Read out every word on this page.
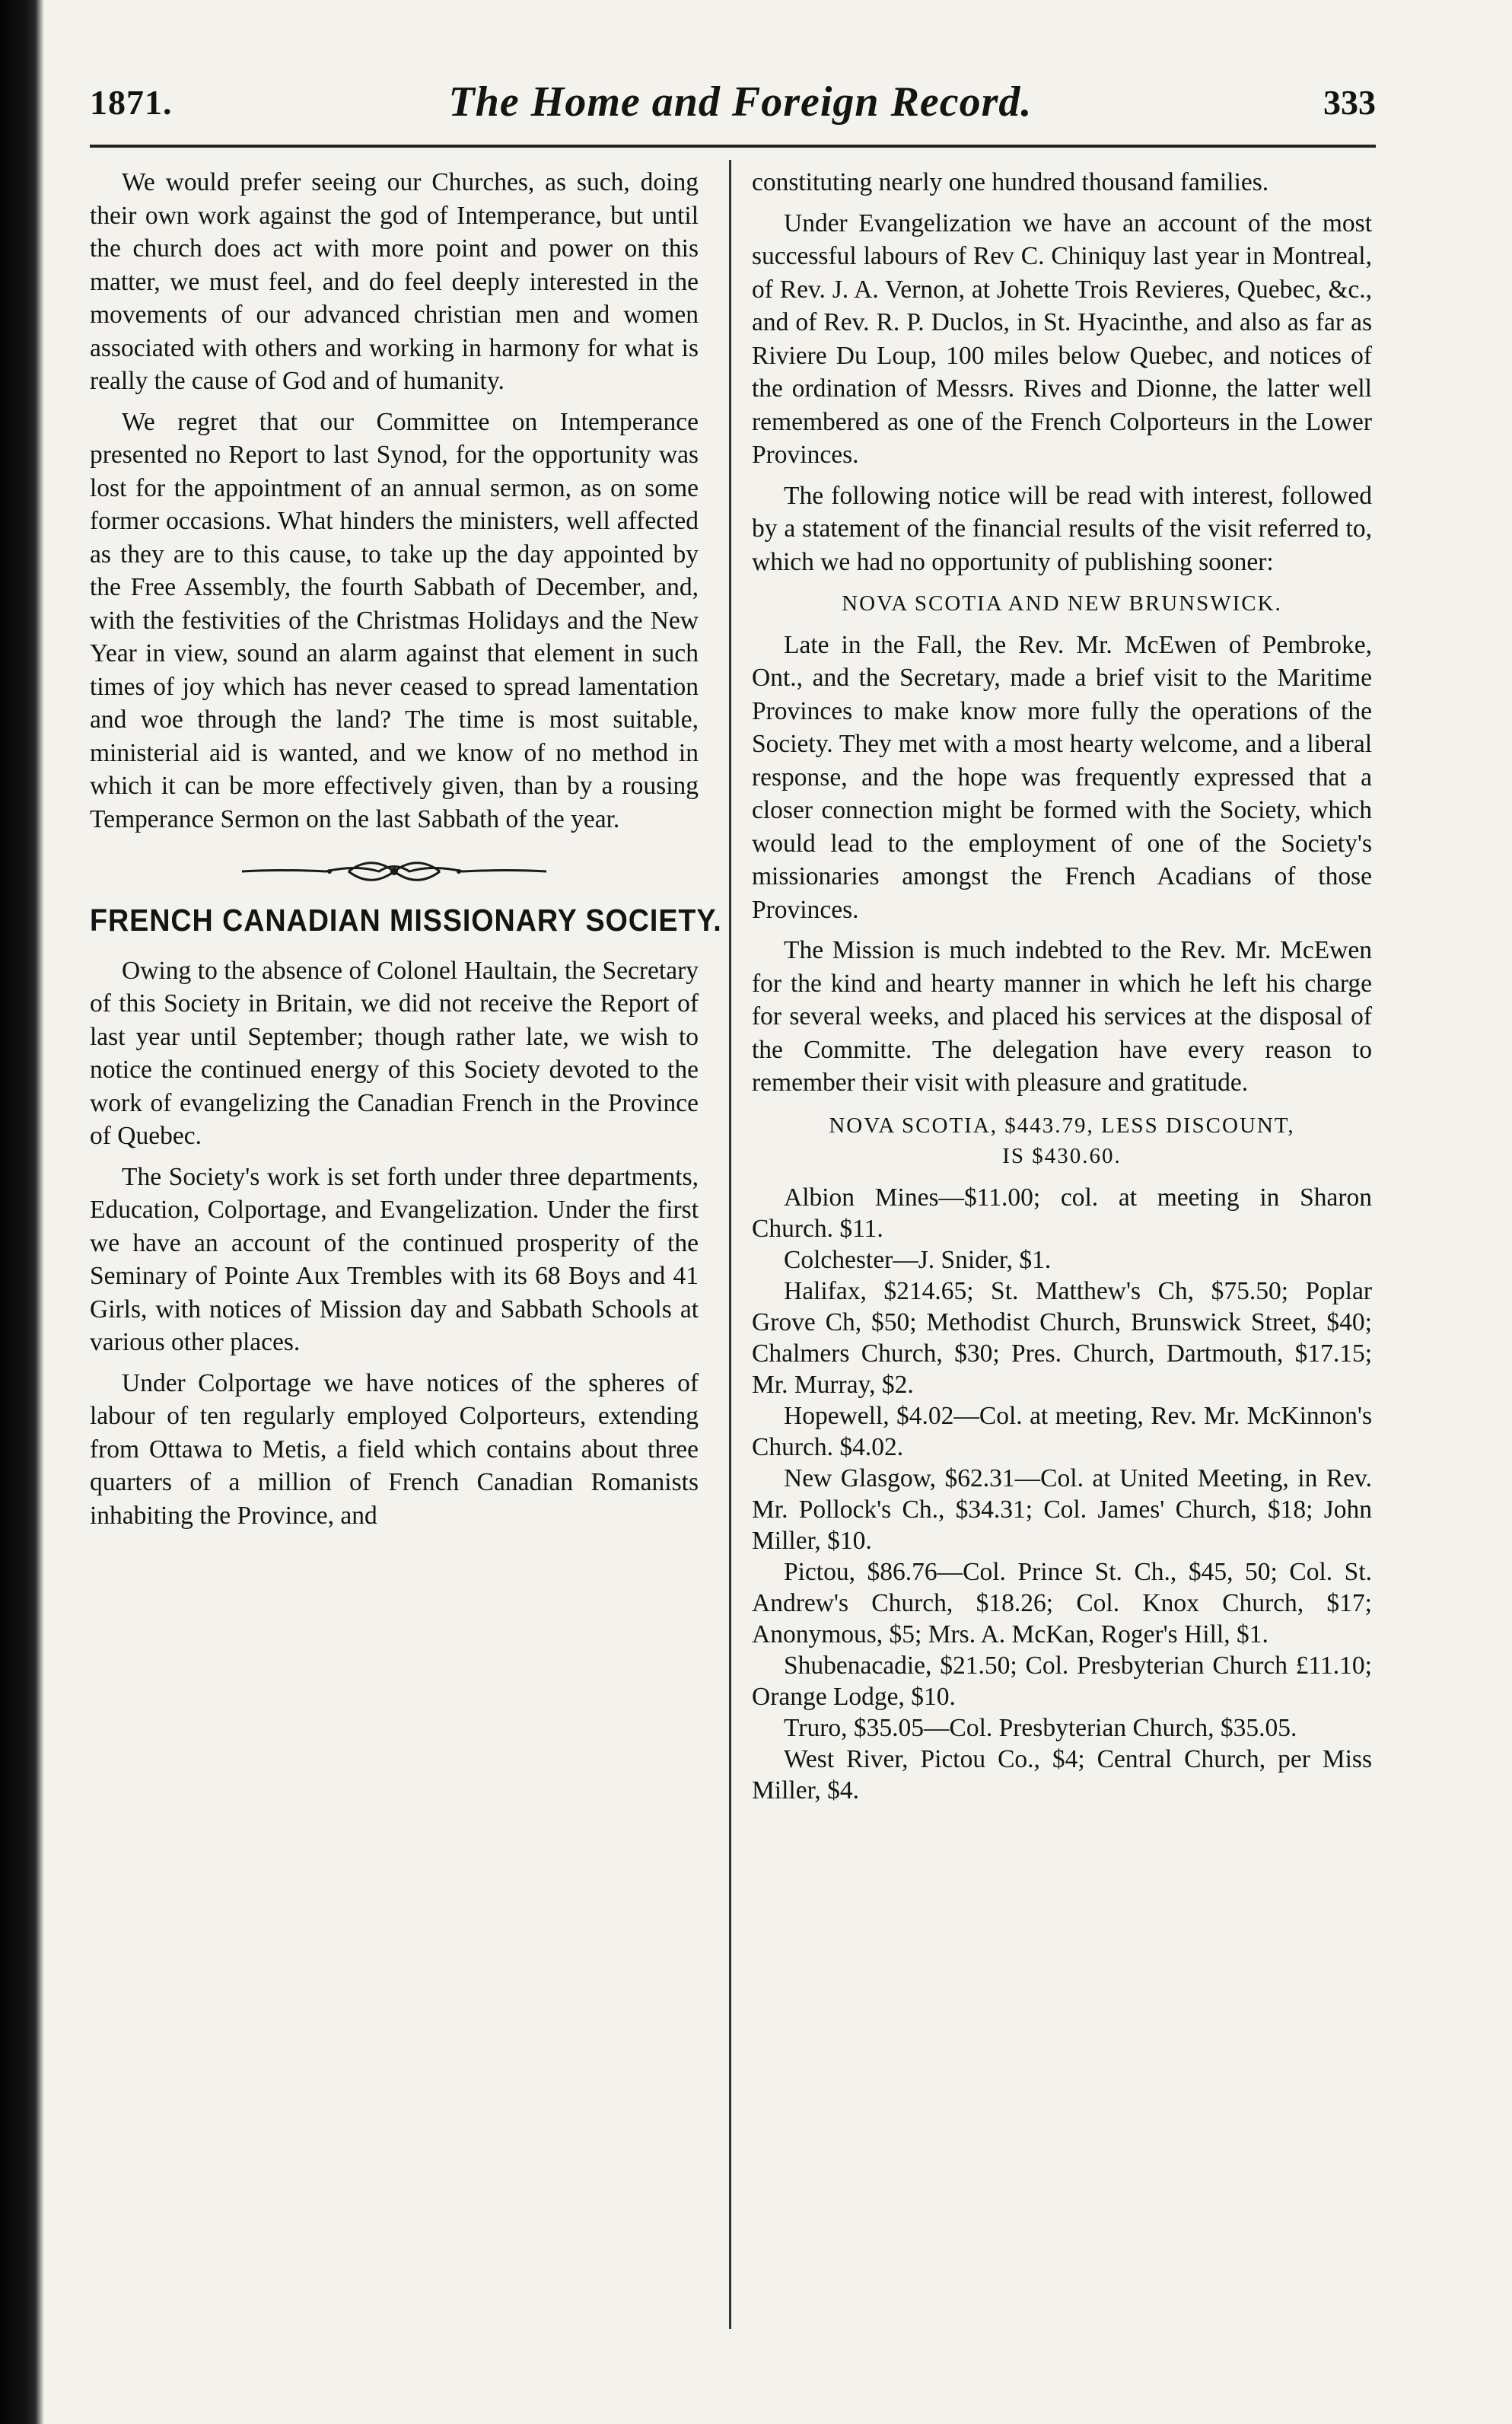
1871.	The Home and Foreign Record.	333

We would prefer seeing our Churches, as such, doing their own work against the god of Intemperance, but until the church does act with more point and power on this matter, we must feel, and do feel deeply interested in the movements of our advanced christian men and women associated with others and working in harmony for what is really the cause of God and of humanity.

We regret that our Committee on Intemperance presented no Report to last Synod, for the opportunity was lost for the appointment of an annual sermon, as on some former occasions. What hinders the ministers, well affected as they are to this cause, to take up the day appointed by the Free Assembly, the fourth Sabbath of December, and, with the festivities of the Christmas Holidays and the New Year in view, sound an alarm against that element in such times of joy which has never ceased to spread lamentation and woe through the land? The time is most suitable, ministerial aid is wanted, and we know of no method in which it can be more effectively given, than by a rousing Temperance Sermon on the last Sabbath of the year.

FRENCH CANADIAN MISSIONARY SOCIETY.

Owing to the absence of Colonel Haultain, the Secretary of this Society in Britain, we did not receive the Report of last year until September; though rather late, we wish to notice the continued energy of this Society devoted to the work of evangelizing the Canadian French in the Province of Quebec.

The Society's work is set forth under three departments, Education, Colportage, and Evangelization. Under the first we have an account of the continued prosperity of the Seminary of Pointe Aux Trembles with its 68 Boys and 41 Girls, with notices of Mission day and Sabbath Schools at various other places.

Under Colportage we have notices of the spheres of labour of ten regularly employed Colporteurs, extending from Ottawa to Metis, a field which contains about three quarters of a million of French Canadian Romanists inhabiting the Province, and

constituting nearly one hundred thousand families.

Under Evangelization we have an account of the most successful labours of Rev C. Chiniquy last year in Montreal, of Rev. J. A. Vernon, at Johette Trois Revieres, Quebec, &c., and of Rev. R. P. Duclos, in St. Hyacinthe, and also as far as Riviere Du Loup, 100 miles below Quebec, and notices of the ordination of Messrs. Rives and Dionne, the latter well remembered as one of the French Colporteurs in the Lower Provinces.

The following notice will be read with interest, followed by a statement of the financial results of the visit referred to, which we had no opportunity of publishing sooner:

NOVA SCOTIA AND NEW BRUNSWICK.

Late in the Fall, the Rev. Mr. McEwen of Pembroke, Ont., and the Secretary, made a brief visit to the Maritime Provinces to make know more fully the operations of the Society. They met with a most hearty welcome, and a liberal response, and the hope was frequently expressed that a closer connection might be formed with the Society, which would lead to the employment of one of the Society's missionaries amongst the French Acadians of those Provinces.

The Mission is much indebted to the Rev. Mr. McEwen for the kind and hearty manner in which he left his charge for several weeks, and placed his services at the disposal of the Committe. The delegation have every reason to remember their visit with pleasure and gratitude.

NOVA SCOTIA, $443.79, LESS DISCOUNT,
IS $430.60.

Albion Mines—$11.00; col. at meeting in Sharon Church. $11.

Colchester—J. Snider, $1.

Halifax, $214.65; St. Matthew's Ch, $75.50; Poplar Grove Ch, $50; Methodist Church, Brunswick Street, $40; Chalmers Church, $30; Pres. Church, Dartmouth, $17.15; Mr. Murray, $2.

Hopewell, $4.02—Col. at meeting, Rev. Mr. McKinnon's Church. $4.02.

New Glasgow, $62.31—Col. at United Meeting, in Rev. Mr. Pollock's Ch., $34.31; Col. James' Church, $18; John Miller, $10.

Pictou, $86.76—Col. Prince St. Ch., $45, 50; Col. St. Andrew's Church, $18.26; Col. Knox Church, $17; Anonymous, $5; Mrs. A. McKan, Roger's Hill, $1.

Shubenacadie, $21.50; Col. Presbyterian Church £11.10; Orange Lodge, $10.

Truro, $35.05—Col. Presbyterian Church, $35.05.

West River, Pictou Co., $4; Central Church, per Miss Miller, $4.
